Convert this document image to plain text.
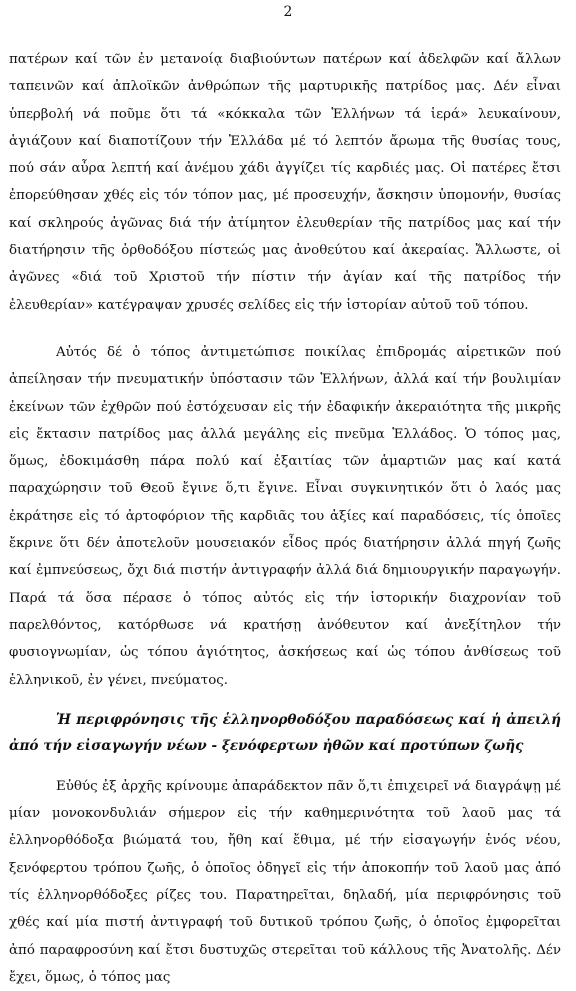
2

πατέρων καί τῶν ἐν μετανοίᾳ διαβιούντων πατέρων καί ἀδελφῶν καί ἄλλων ταπεινῶν καί ἀπλοϊκῶν ἀνθρώπων τῆς μαρτυρικῆς πατρίδος μας. Δέν εἶναι ὑπερβολή νά ποῦμε ὅτι τά «κόκκαλα τῶν Ἑλλήνων τά ἱερά» λευκαίνουν, ἁγιάζουν καί διαποτίζουν τήν Ἑλλάδα μέ τό λεπτόν ἄρωμα τῆς θυσίας τους, πού σάν αὖρα λεπτή καί ἀνέμου χάδι ἀγγίζει τίς καρδιές μας. Οἱ πατέρες ἔτσι ἐπορεύθησαν χθές εἰς τόν τόπον μας, μέ προσευχήν, ἄσκησιν ὑπομονήν, θυσίας καί σκληρούς ἀγῶνας διά τήν ἀτίμητον ἐλευθερίαν τῆς πατρίδος μας καί τήν διατήρησιν τῆς ὀρθοδόξου πίστεώς μας ἀνοθεύτου καί ἀκεραίας. Ἄλλωστε, οἱ ἀγῶνες «διά τοῦ Χριστοῦ τήν πίστιν τήν ἁγίαν καί τῆς πατρίδος τήν ἐλευθερίαν» κατέγραψαν χρυσές σελίδες εἰς τήν ἱστορίαν αὐτοῦ τοῦ τόπου.

Αὐτός δέ ὁ τόπος ἀντιμετώπισε ποικίλας ἐπιδρομάς αἱρετικῶν πού ἀπείλησαν τήν πνευματικήν ὑπόστασιν τῶν Ἑλλήνων, ἀλλά καί τήν βουλιμίαν ἐκείνων τῶν ἐχθρῶν πού ἐστόχευσαν εἰς τήν ἐδαφικήν ἀκεραιότητα τῆς μικρῆς εἰς ἔκτασιν πατρίδος μας ἀλλά μεγάλης εἰς πνεῦμα Ἑλλάδος. Ὁ τόπος μας, ὅμως, ἐδοκιμάσθη πάρα πολύ καί ἐξαιτίας τῶν ἁμαρτιῶν μας καί κατά παραχώρησιν τοῦ Θεοῦ ἔγινε ὅ,τι ἔγινε. Εἶναι συγκινητικόν ὅτι ὁ λαός μας ἐκράτησε εἰς τό ἀρτοφόριον τῆς καρδιᾶς του ἀξίες καί παραδόσεις, τίς ὁποῖες ἔκρινε ὅτι δέν ἀποτελοῦν μουσειακόν εἶδος πρός διατήρησιν ἀλλά πηγή ζωῆς καί ἐμπνεύσεως, ὄχι διά πιστήν ἀντιγραφήν ἀλλά διά δημιουργικήν παραγωγήν. Παρά τά ὅσα πέρασε ὁ τόπος αὐτός εἰς τήν ἱστορικήν διαχρονίαν τοῦ παρελθόντος, κατόρθωσε νά κρατήσῃ ἀνόθευτον καί ἀνεξίτηλον τήν φυσιογνωμίαν, ὡς τόπου ἁγιότητος, ἀσκήσεως καί ὡς τόπου ἀνθίσεως τοῦ ἑλληνικοῦ, ἐν γένει, πνεύματος.

Ἡ περιφρόνησις τῆς ἑλληνορθοδόξου παραδόσεως καί ἡ ἀπειλή ἀπό τήν εἰσαγωγήν νέων - ξενόφερτων ἠθῶν καί προτύπων ζωῆς

Εὐθύς ἐξ ἀρχῆς κρίνουμε ἀπαράδεκτον πᾶν ὅ,τι ἐπιχειρεῖ νά διαγράψῃ μέ μίαν μονοκονδυλιάν σήμερον εἰς τήν καθημερινότητα τοῦ λαοῦ μας τά ἑλληνορθόδοξα βιώματά του, ἤθη καί ἔθιμα, μέ τήν εἰσαγωγήν ἑνός νέου, ξενόφερτου τρόπου ζωῆς, ὁ ὁποῖος ὁδηγεῖ εἰς τήν ἀποκοπήν τοῦ λαοῦ μας ἀπό τίς ἑλληνορθόδοξες ρίζες του. Παρατηρεῖται, δηλαδή, μία περιφρόνησις τοῦ χθές καί μία πιστή ἀντιγραφή τοῦ δυτικοῦ τρόπου ζωῆς, ὁ ὁποῖος ἐμφορεῖται ἀπό παραφροσύνη καί ἔτσι δυστυχῶς στερεῖται τοῦ κάλλους τῆς Ἀνατολῆς. Δέν ἔχει, ὅμως, ὁ τόπος μας
